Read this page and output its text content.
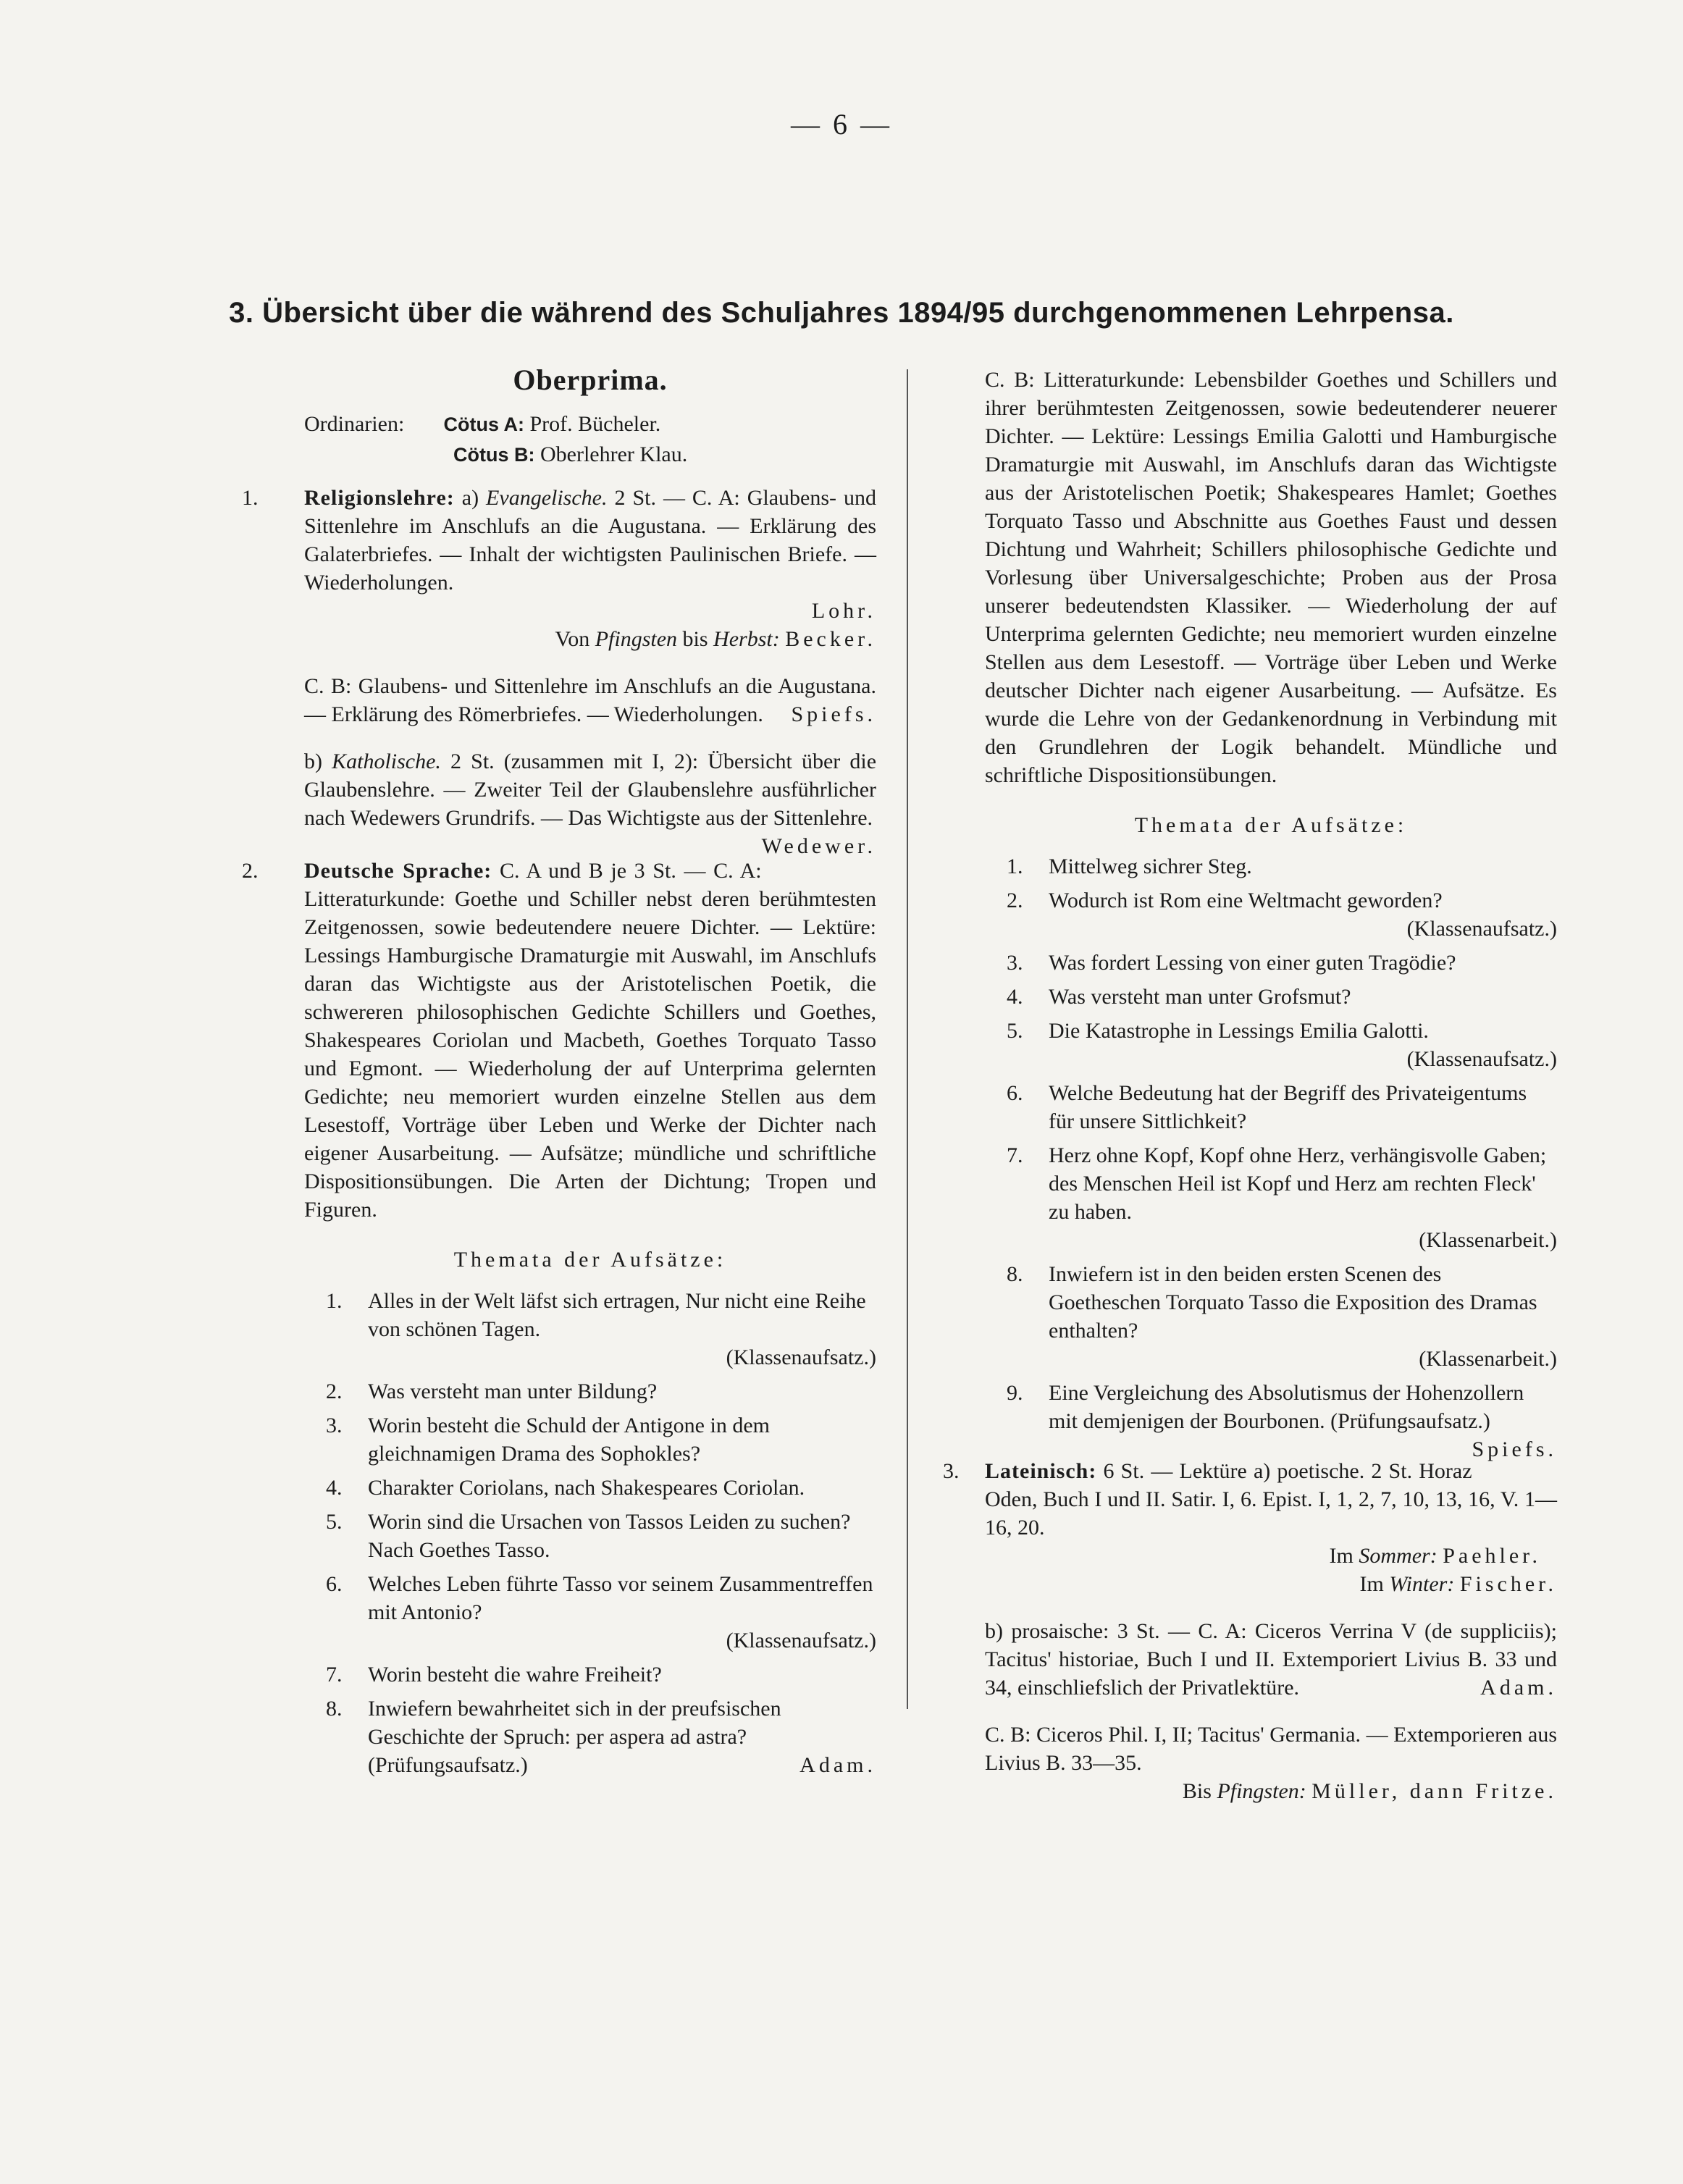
— 6 —
3. Übersicht über die während des Schuljahres 1894/95 durchgenommenen Lehrpensa.
Oberprima.
Ordinarien: Cötus A: Prof. Bücheler.
Cötus B: Oberlehrer Klau.
1. Religionslehre: a) Evangelische. 2 St. — C. A: Glaubens- und Sittenlehre im Anschlufs an die Augustana. — Erklärung des Galaterbriefes. — Inhalt der wichtigsten Paulinischen Briefe. — Wiederholungen.
Lohr.
Von Pfingsten bis Herbst: Becker.
C. B: Glaubens- und Sittenlehre im Anschlufs an die Augustana. — Erklärung des Römerbriefes. — Wiederholungen. Spiefs.
b) Katholische. 2 St. (zusammen mit I, 2): Übersicht über die Glaubenslehre. — Zweiter Teil der Glaubenslehre ausführlicher nach Wedewers Grundrifs. — Das Wichtigste aus der Sittenlehre.
Wedewer.
2. Deutsche Sprache: C. A und B je 3 St. — C. A: Litteraturkunde: Goethe und Schiller nebst deren berühmtesten Zeitgenossen, sowie bedeutendere neuere Dichter. — Lektüre: Lessings Hamburgische Dramaturgie mit Auswahl, im Anschlufs daran das Wichtigste aus der Aristotelischen Poetik, die schwereren philosophischen Gedichte Schillers und Goethes, Shakespeares Coriolan und Macbeth, Goethes Torquato Tasso und Egmont. — Wiederholung der auf Unterprima gelernten Gedichte; neu memoriert wurden einzelne Stellen aus dem Lesestoff, Vorträge über Leben und Werke der Dichter nach eigener Ausarbeitung. — Aufsätze; mündliche und schriftliche Dispositionsübungen. Die Arten der Dichtung; Tropen und Figuren.
Themata der Aufsätze:
1. Alles in der Welt läfst sich ertragen, Nur nicht eine Reihe von schönen Tagen.
(Klassenaufsatz.)
2. Was versteht man unter Bildung?
3. Worin besteht die Schuld der Antigone in dem gleichnamigen Drama des Sophokles?
4. Charakter Coriolans, nach Shakespeares Coriolan.
5. Worin sind die Ursachen von Tassos Leiden zu suchen? Nach Goethes Tasso.
6. Welches Leben führte Tasso vor seinem Zusammentreffen mit Antonio?
(Klassenaufsatz.)
7. Worin besteht die wahre Freiheit?
8. Inwiefern bewahrheitet sich in der preufsischen Geschichte der Spruch: per aspera ad astra? (Prüfungsaufsatz.)	Adam.
C. B: Litteraturkunde: Lebensbilder Goethes und Schillers und ihrer berühmtesten Zeitgenossen, sowie bedeutenderer neuerer Dichter. — Lektüre: Lessings Emilia Galotti und Hamburgische Dramaturgie mit Auswahl, im Anschlufs daran das Wichtigste aus der Aristotelischen Poetik; Shakespeares Hamlet; Goethes Torquato Tasso und Abschnitte aus Goethes Faust und dessen Dichtung und Wahrheit; Schillers philosophische Gedichte und Vorlesung über Universalgeschichte; Proben aus der Prosa unserer bedeutendsten Klassiker. — Wiederholung der auf Unterprima gelernten Gedichte; neu memoriert wurden einzelne Stellen aus dem Lesestoff. — Vorträge über Leben und Werke deutscher Dichter nach eigener Ausarbeitung. — Aufsätze. Es wurde die Lehre von der Gedankenordnung in Verbindung mit den Grundlehren der Logik behandelt. Mündliche und schriftliche Dispositionsübungen.
Themata der Aufsätze:
1. Mittelweg sichrer Steg.
2. Wodurch ist Rom eine Weltmacht geworden?
(Klassenaufsatz.)
3. Was fordert Lessing von einer guten Tragödie?
4. Was versteht man unter Grofsmut?
5. Die Katastrophe in Lessings Emilia Galotti.
(Klassenaufsatz.)
6. Welche Bedeutung hat der Begriff des Privateigentums für unsere Sittlichkeit?
7. Herz ohne Kopf, Kopf ohne Herz, verhängisvolle Gaben; des Menschen Heil ist Kopf und Herz am rechten Fleck' zu haben.
(Klassenarbeit.)
8. Inwiefern ist in den beiden ersten Scenen des Goetheschen Torquato Tasso die Exposition des Dramas enthalten?
(Klassenarbeit.)
9. Eine Vergleichung des Absolutismus der Hohenzollern mit demjenigen der Bourbonen. (Prüfungsaufsatz.)
Spiefs.
3. Lateinisch: 6 St. — Lektüre a) poetische. 2 St. Horaz Oden, Buch I und II. Satir. I, 6. Epist. I, 1, 2, 7, 10, 13, 16, V. 1—16, 20.
Im Sommer: Paehler.
Im Winter: Fischer.
b) prosaische: 3 St. — C. A: Ciceros Verrina V (de suppliciis); Tacitus' historiae, Buch I und II. Extemporiert Livius B. 33 und 34, einschliefslich der Privatlektüre.	Adam.
C. B: Ciceros Phil. I, II; Tacitus' Germania. — Extemporieren aus Livius B. 33—35.
Bis Pfingsten: Müller, dann Fritze.
